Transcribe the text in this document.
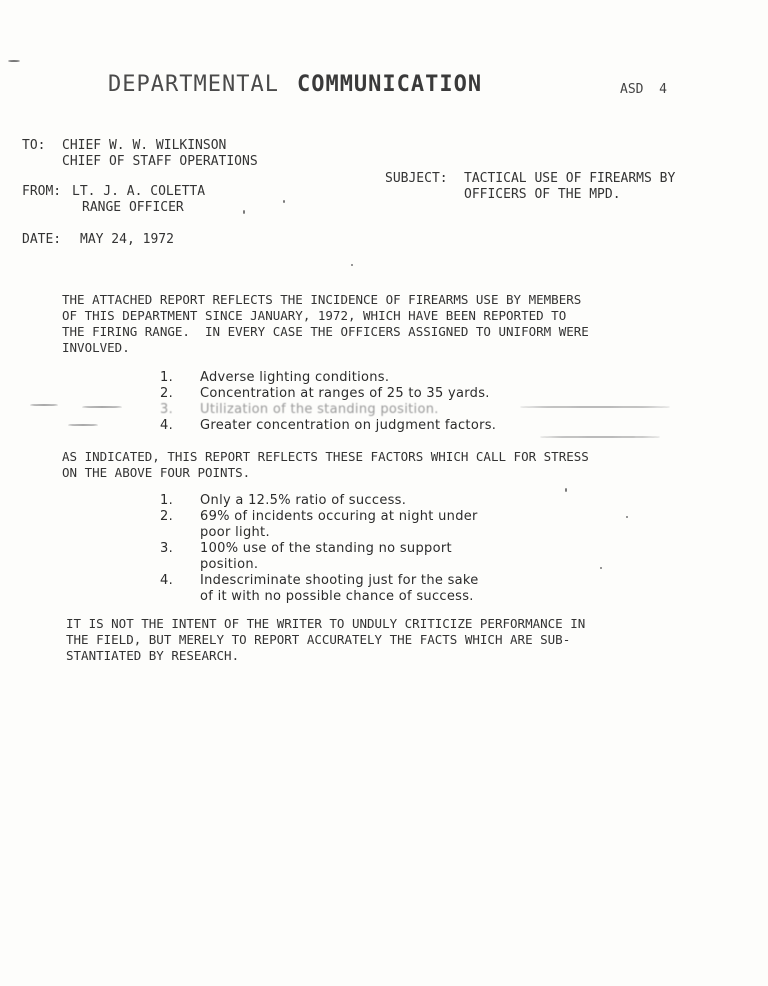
DEPARTMENTAL COMMUNICATION	ASD  4
TO: CHIEF W. W. WILKINSON
CHIEF OF STAFF OPERATIONS
SUBJECT: TACTICAL USE OF FIREARMS BY
OFFICERS OF THE MPD.
FROM: LT. J. A. COLETTA
RANGE OFFICER
DATE: MAY 24, 1972
THE ATTACHED REPORT REFLECTS THE INCIDENCE OF FIREARMS USE BY MEMBERS
OF THIS DEPARTMENT SINCE JANUARY, 1972, WHICH HAVE BEEN REPORTED TO
THE FIRING RANGE.  IN EVERY CASE THE OFFICERS ASSIGNED TO UNIFORM WERE
INVOLVED.
1. Adverse lighting conditions.
2. Concentration at ranges of 25 to 35 yards.
3. Utilization of the standing position.
4. Greater concentration on judgment factors.
AS INDICATED, THIS REPORT REFLECTS THESE FACTORS WHICH CALL FOR STRESS
ON THE ABOVE FOUR POINTS.
1. Only a 12.5% ratio of success.
2. 69% of incidents occuring at night under
poor light.
3. 100% use of the standing no support
position.
4. Indescriminate shooting just for the sake
of it with no possible chance of success.
IT IS NOT THE INTENT OF THE WRITER TO UNDULY CRITICIZE PERFORMANCE IN
THE FIELD, BUT MERELY TO REPORT ACCURATELY THE FACTS WHICH ARE SUB-
STANTIATED BY RESEARCH.
